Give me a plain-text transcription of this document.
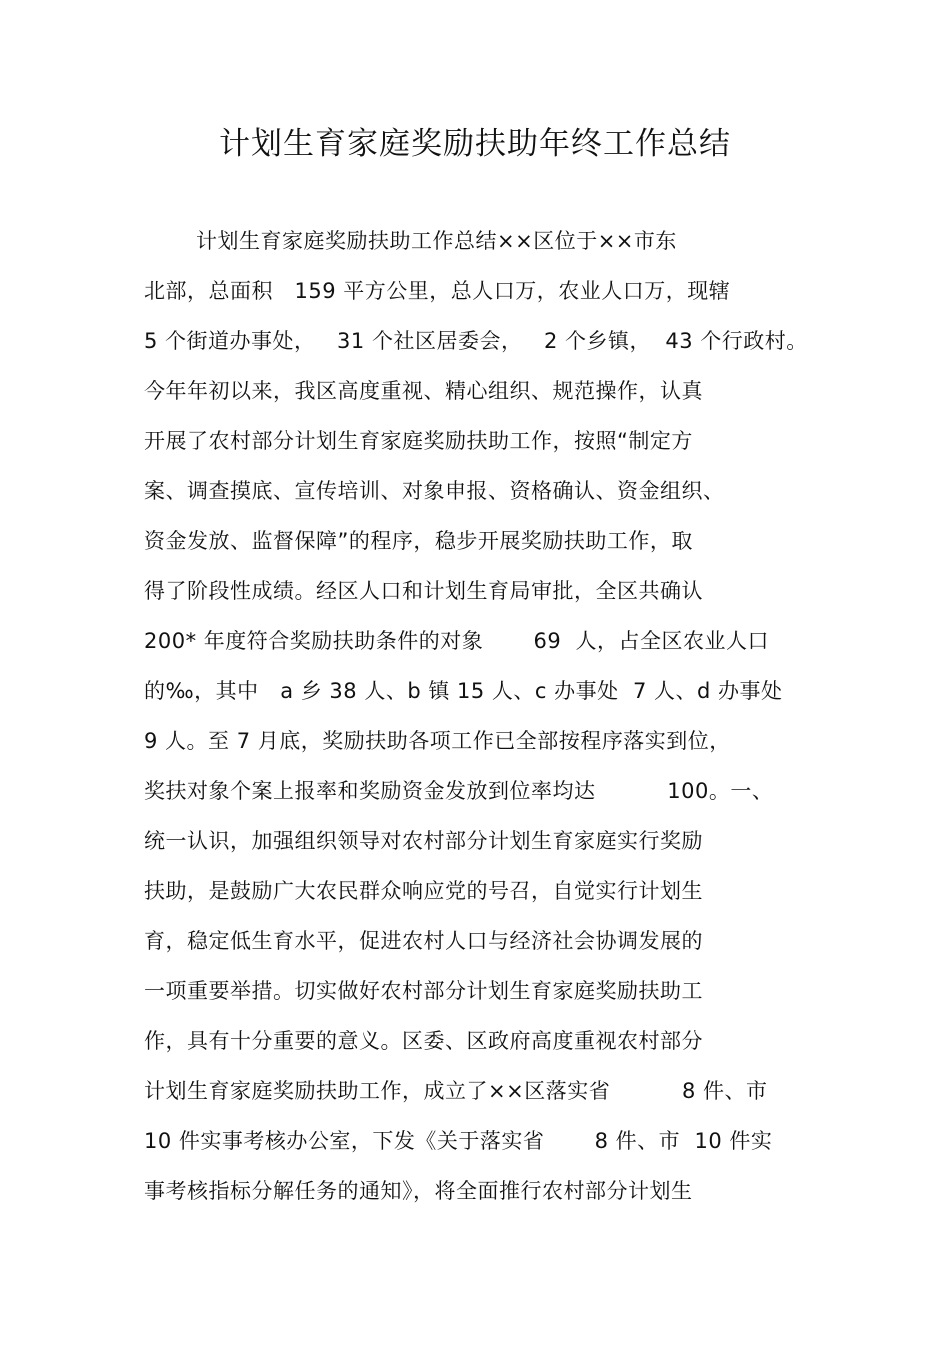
计划生育家庭奖励扶助年终工作总结
计划生育家庭奖励扶助工作总结××区位于××市东
北部，总面积   159 平方公里，总人口万，农业人口万，现辖
5 个街道办事处，   31 个社区居委会，   2 个乡镇，  43 个行政村。
今年年初以来，我区高度重视、精心组织、规范操作，认真
开展了农村部分计划生育家庭奖励扶助工作，按照“制定方
案、调查摸底、宣传培训、对象申报、资格确认、资金组织、
资金发放、监督保障”的程序，稳步开展奖励扶助工作，取
得了阶段性成绩。经区人口和计划生育局审批，全区共确认
200* 年度符合奖励扶助条件的对象       69  人，占全区农业人口
的‰，其中   a 乡 38 人、b 镇 15 人、c 办事处  7 人、d 办事处
9 人。至 7 月底，奖励扶助各项工作已全部按程序落实到位，
奖扶对象个案上报率和奖励资金发放到位率均达          100。一、
统一认识，加强组织领导对农村部分计划生育家庭实行奖励
扶助，是鼓励广大农民群众响应党的号召，自觉实行计划生
育，稳定低生育水平，促进农村人口与经济社会协调发展的
一项重要举措。切实做好农村部分计划生育家庭奖励扶助工
作，具有十分重要的意义。区委、区政府高度重视农村部分
计划生育家庭奖励扶助工作，成立了××区落实省          8 件、市
10 件实事考核办公室，下发《关于落实省       8 件、市  10 件实
事考核指标分解任务的通知》，将全面推行农村部分计划生
